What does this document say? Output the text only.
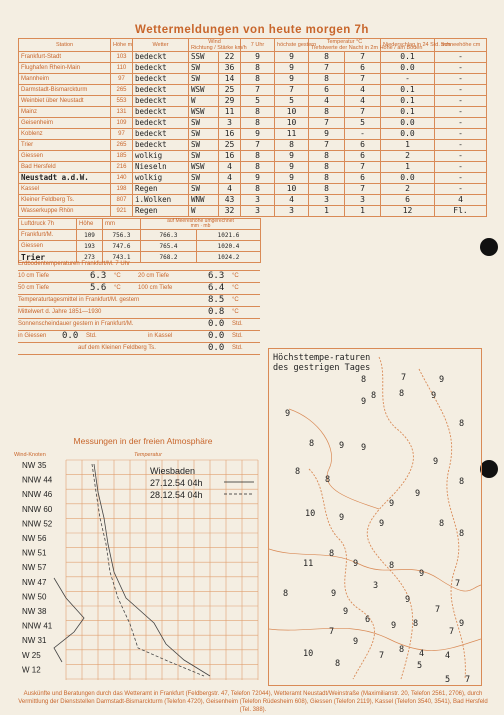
Wettermeldungen von heute morgen 7h
Station	Höhe m	Wetter	Wind
Richtung / Stärke km/h		7 Uhr	höchste gestern	Temperatur °C
Tiefstwerte der Nacht in 2m Höhe / am Boden		Niederschlag in 24 Std. mm	Schneehöhe cm
Frankfurt-Stadt	103	bedeckt	SSW	22	9	9	8	7	0.1	-
Flughafen Rhein-Main	110	bedeckt	SW	36	8	9	7	6	0.0	-
Mannheim	97	bedeckt	SW	14	8	9	8	7	-	-
Darmstadt-Bismarckturm	265	bedeckt	WSW	25	7	7	6	4	0.1	-
Weinbiet über Neustadt	553	bedeckt	W	29	5	5	4	4	0.1	-
Mainz	131	bedeckt	WSW	11	8	10	8	7	0.1	-
Geisenheim	109	bedeckt	SW	3	8	10	7	5	0.0	-
Koblenz	97	bedeckt	SW	16	9	11	9	-	0.0	-
Trier	265	bedeckt	SW	25	7	8	7	6	1	-
Giessen	185	wolkig	SW	16	8	9	8	6	2	-
Bad Hersfeld	216	Nieseln	WSW	4	8	9	8	7	1	-
Neustadt a.d.W.	140	wolkig	SW	4	9	9	8	6	0.0	-
Kassel	198	Regen	SW	4	8	10	8	7	2	-
Kleiner Feldberg Ts.	807	i.Wolken	WNW	43	3	4	3	3	6	4
Wasserkuppe Rhön	921	Regen	W	32	3	3	1	1	12	Fl.
Luftdruck 7h	Höhe	mm	auf Meereshöhe umgerechnet
mm · mb	
Frankfurt/M.	109	756.3	766.3	1021.6
Giessen	193	747.6	765.4	1020.4
Trier	273	743.1	768.2	1024.2
Erdbodentemperaturen Frankfurt/M. 7 Uhr
10 cm Tiefe	6.3 °C	20 cm Tiefe	6.3 °C
50 cm Tiefe	5.6 °C	100 cm Tiefe	6.4 °C
Temperaturtagesmittel in Frankfurt/M. gestern	8.5 °C
Mittelwert d. Jahre 1851—1930	0.8 °C
Sonnenscheindauer gestern in Frankfurt/M.	0.0 Std.
in Giessen 0.0 Std.	in Kassel	0.0 Std.
auf dem Kleinen Feldberg Ts.	0.0 Std.
Messungen in der freien Atmosphäre
Wind-Knoten	Temperatur
Wiesbaden
27.12.54 04h
28.12.54 04h
NW 35
NNW 44
NNW 46
NNW 60
NNW 52
NW 56
NW 51
NW 57
NW 47
NW 50
NW 38
NNW 41
NW 31
W 25
W 12
Höchsttempe-raturen des gestrigen Tages
8	7	9
8	8	9
8
9
9
8	9 9
8
9
9
8
8
9
10	9
9	8
8
11
8
9	8
9
7
8	9
3
9
9
6
9
7
8
7
7
9
8
7	4
8	5
5 7
9
4
10
Auskünfte und Beratungen durch das Wetteramt in Frankfurt (Feldbergstr. 47, Telefon 72044), Wetteramt Neustadt/Weinstraße (Maximilianstr. 20, Telefon 2561, 2706), durch Vermittlung der Dienststellen Darmstadt-Bismarckturm (Telefon 4720), Geisenheim (Telefon Rüdesheim 608), Giessen (Telefon 2119), Kassel (Telefon 3540, 3541), Bad Hersfeld (Tel. 388).
